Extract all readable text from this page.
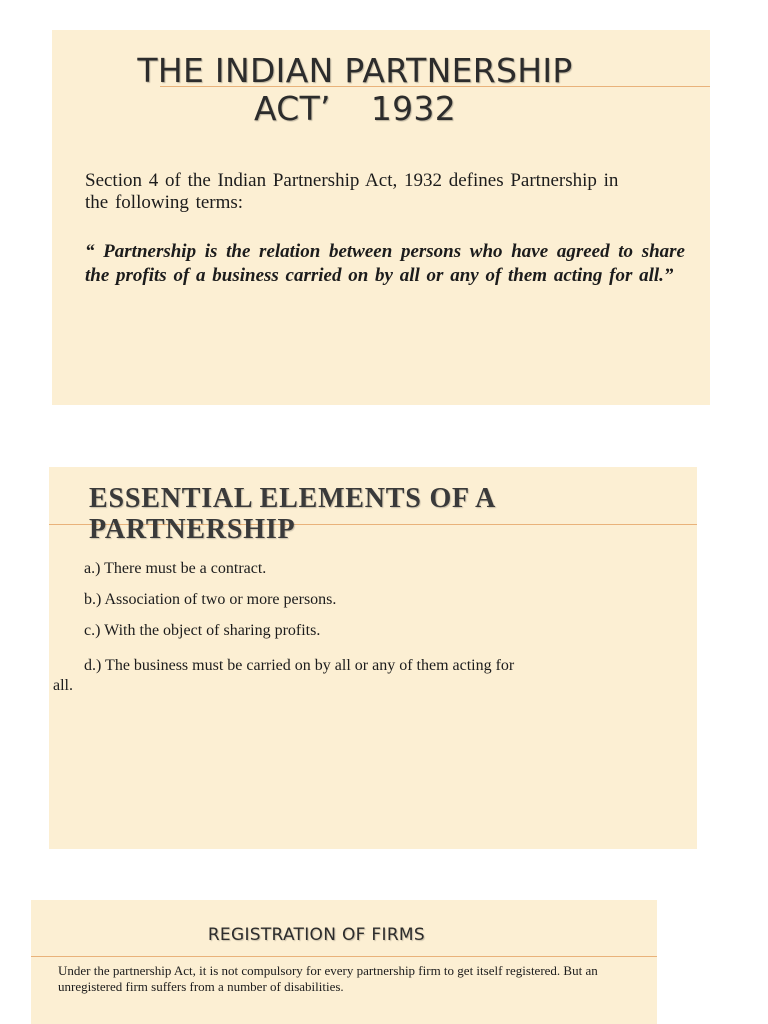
THE INDIAN PARTNERSHIP
ACT’ 1932
Section 4 of the Indian Partnership Act, 1932 defines Partnership in the following terms:
“ Partnership is the relation between persons who have agreed to share the profits of a business carried on by all or any of them acting for all.”
ESSENTIAL ELEMENTS OF A PARTNERSHIP
a.) There must be a contract.
b.) Association of two or more persons.
c.) With the object of sharing profits.
d.) The business must be carried on by all or any of them acting for
all.
REGISTRATION OF FIRMS
Under the partnership Act, it is not compulsory for every partnership firm to get itself registered. But an unregistered firm suffers from a number of disabilities.
